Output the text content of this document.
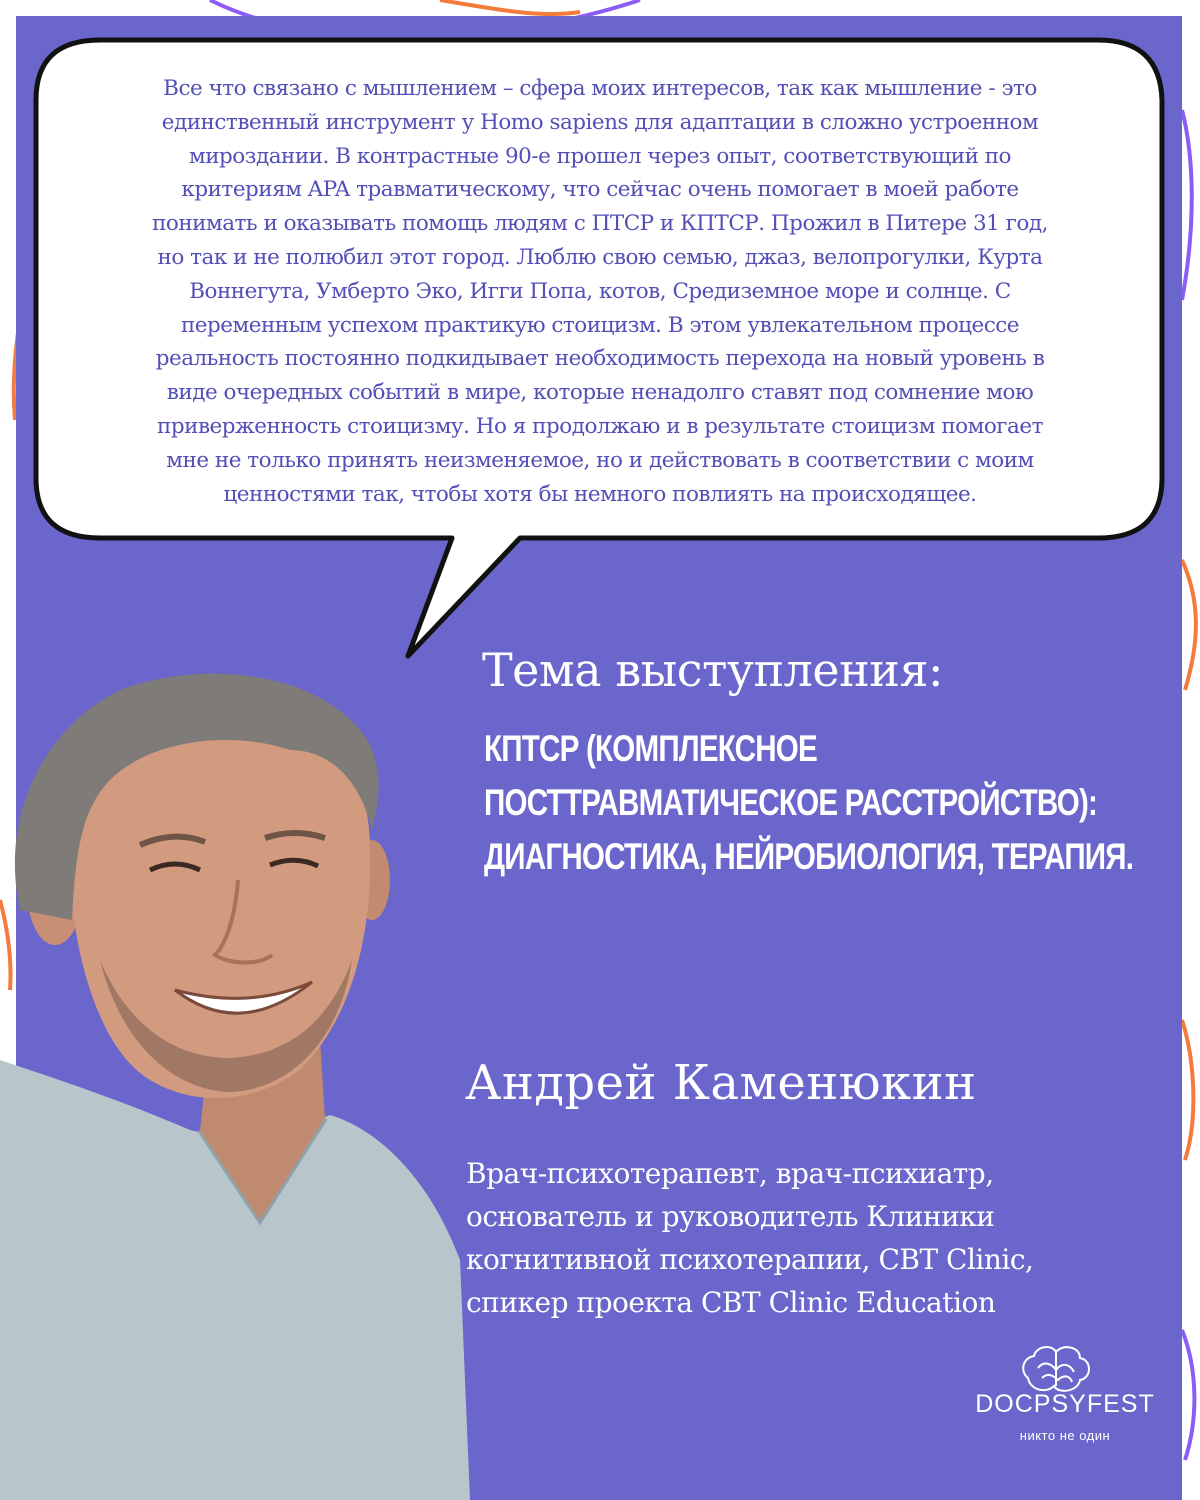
Все что связано с мышлением – сфера моих интересов, так как мышление - это
единственный инструмент у Homo sapiens для адаптации в сложно устроенном
мироздании. В контрастные 90-е прошел через опыт, соответствующий по
критериям APA травматическому, что сейчас очень помогает в моей работе
понимать и оказывать помощь людям с ПТСР и КПТСР. Прожил в Питере 31 год,
но так и не полюбил этот город. Люблю свою семью, джаз, велопрогулки, Курта
Воннегута, Умберто Эко, Игги Попа, котов, Средиземное море и солнце. С
переменным успехом практикую стоицизм. В этом увлекательном процессе
реальность постоянно подкидывает необходимость перехода на новый уровень в
виде очередных событий в мире, которые ненадолго ставят под сомнение мою
приверженность стоицизму. Но я продолжаю и в результате стоицизм помогает
мне не только принять неизменяемое, но и действовать в соответствии с моим
ценностями так, чтобы хотя бы немного повлиять на происходящее.

Тема выступления:
КПТСР (КОМПЛЕКСНОЕ
ПОСТТРАВМАТИЧЕСКОЕ РАССТРОЙСТВО):
ДИАГНОСТИКА, НЕЙРОБИОЛОГИЯ, ТЕРАПИЯ.
DOCPSYFEST
никто не один
Андрей Каменюкин

Врач-психотерапевт, врач-психиатр,
основатель и руководитель Клиники
когнитивной психотерапии, CBT Clinic,
спикер проекта CBT Clinic Education
